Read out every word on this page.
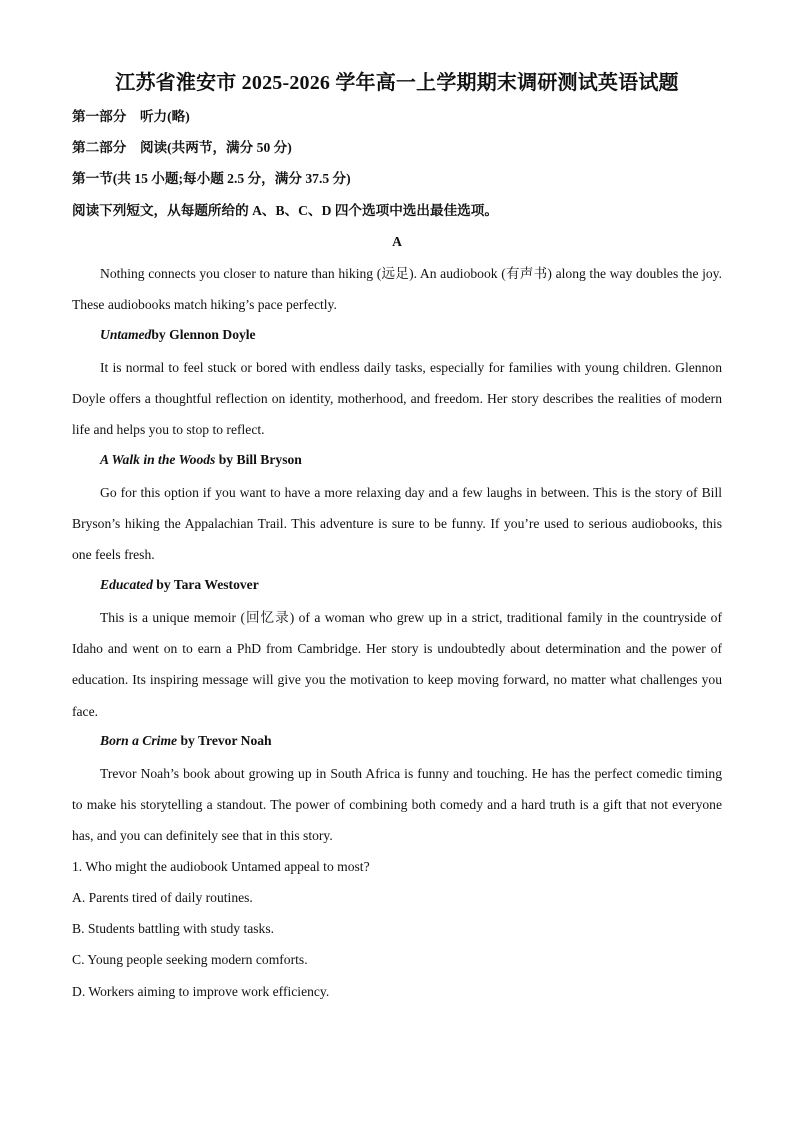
江苏省淮安市 2025-2026 学年高一上学期期末调研测试英语试题
第一部分　听力(略)
第二部分　阅读(共两节，满分 50 分)
第一节(共 15 小题;每小题 2.5 分，满分 37.5 分)
阅读下列短文，从每题所给的 A、B、C、D 四个选项中选出最佳选项。
A

Nothing connects you closer to nature than hiking (远足). An audiobook (有声书) along the way doubles the joy. These audiobooks match hiking’s pace perfectly.

Untamedby Glennon Doyle

It is normal to feel stuck or bored with endless daily tasks, especially for families with young children. Glennon Doyle offers a thoughtful reflection on identity, motherhood, and freedom. Her story describes the realities of modern life and helps you to stop to reflect.

A Walk in the Woods by Bill Bryson

Go for this option if you want to have a more relaxing day and a few laughs in between. This is the story of Bill Bryson’s hiking the Appalachian Trail. This adventure is sure to be funny. If you’re used to serious audiobooks, this one feels fresh.

Educated by Tara Westover

This is a unique memoir (回忆录) of a woman who grew up in a strict, traditional family in the countryside of Idaho and went on to earn a PhD from Cambridge. Her story is undoubtedly about determination and the power of education. Its inspiring message will give you the motivation to keep moving forward, no matter what challenges you face.

Born a Crime by Trevor Noah

Trevor Noah’s book about growing up in South Africa is funny and touching. He has the perfect comedic timing to make his storytelling a standout. The power of combining both comedy and a hard truth is a gift that not everyone has, and you can definitely see that in this story.

1. Who might the audiobook Untamed appeal to most?
A. Parents tired of daily routines.
B. Students battling with study tasks.
C. Young people seeking modern comforts.
D. Workers aiming to improve work efficiency.
